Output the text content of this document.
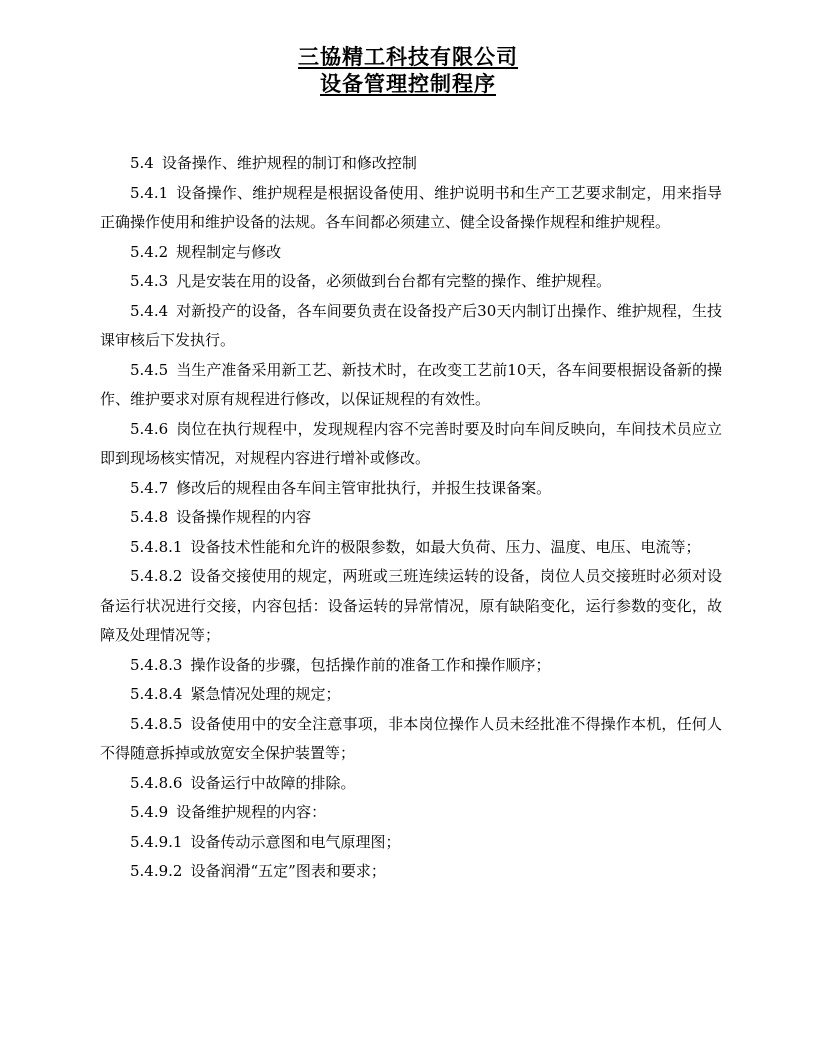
三協精工科技有限公司
设备管理控制程序

5.4 设备操作、维护规程的制订和修改控制

5.4.1 设备操作、维护规程是根据设备使用、维护说明书和生产工艺要求制定，用来指导正确操作使用和维护设备的法规。各车间都必须建立、健全设备操作规程和维护规程。

5.4.2 规程制定与修改

5.4.3 凡是安装在用的设备，必须做到台台都有完整的操作、维护规程。

5.4.4 对新投产的设备，各车间要负责在设备投产后30天内制订出操作、维护规程，生技课审核后下发执行。

5.4.5 当生产准备采用新工艺、新技术时，在改变工艺前10天，各车间要根据设备新的操作、维护要求对原有规程进行修改，以保证规程的有效性。

5.4.6 岗位在执行规程中，发现规程内容不完善时要及时向车间反映向，车间技术员应立即到现场核实情况，对规程内容进行增补或修改。

5.4.7 修改后的规程由各车间主管审批执行，并报生技课备案。

5.4.8 设备操作规程的内容

5.4.8.1 设备技术性能和允许的极限参数，如最大负荷、压力、温度、电压、电流等；

5.4.8.2 设备交接使用的规定，两班或三班连续运转的设备，岗位人员交接班时必须对设备运行状况进行交接，内容包括：设备运转的异常情况，原有缺陷变化，运行参数的变化，故障及处理情况等；

5.4.8.3 操作设备的步骤，包括操作前的准备工作和操作顺序；

5.4.8.4 紧急情况处理的规定；

5.4.8.5 设备使用中的安全注意事项，非本岗位操作人员未经批准不得操作本机，任何人不得随意拆掉或放宽安全保护装置等；

5.4.8.6 设备运行中故障的排除。

5.4.9 设备维护规程的内容：

5.4.9.1 设备传动示意图和电气原理图；

5.4.9.2 设备润滑“五定”图表和要求；
